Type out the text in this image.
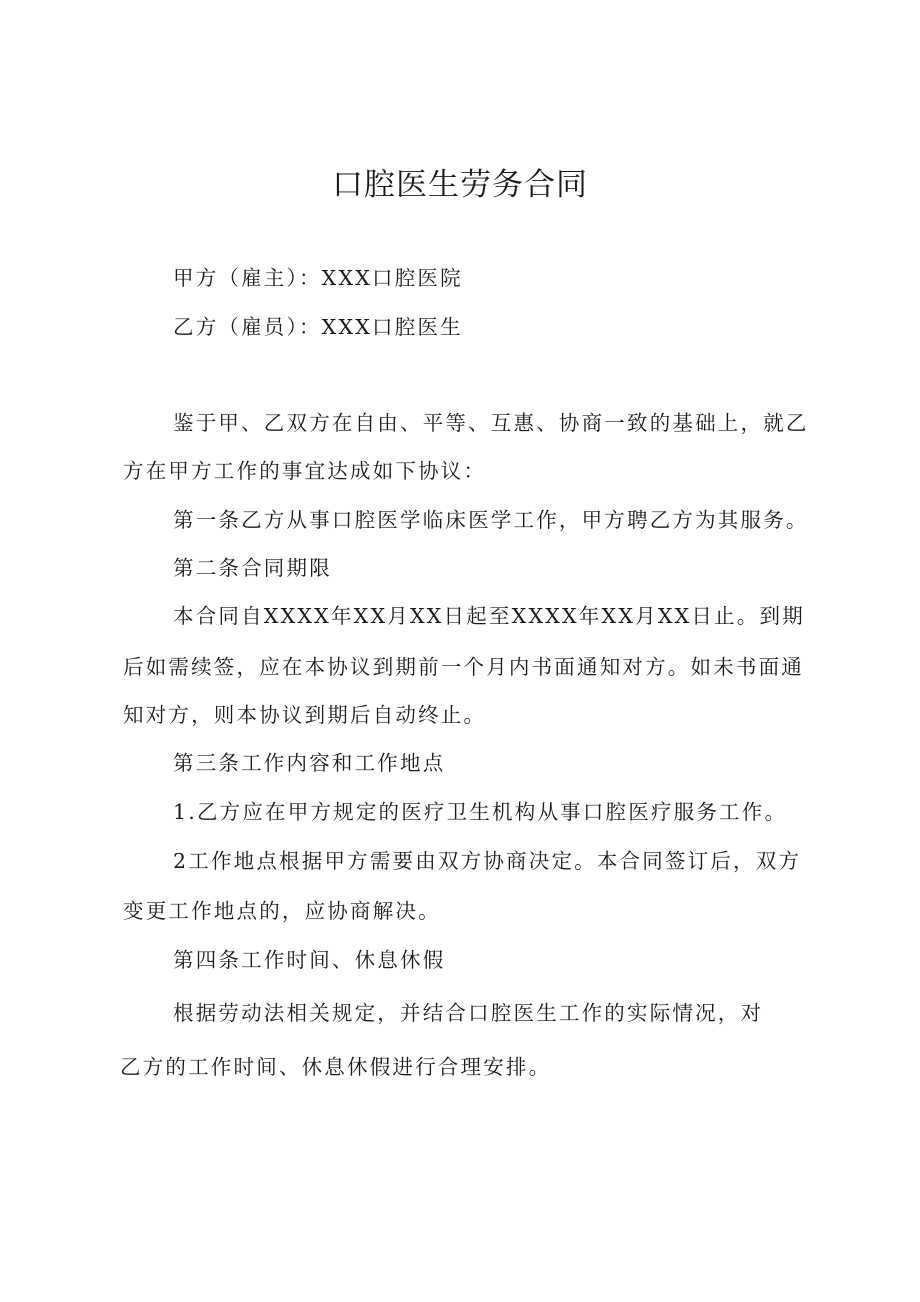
口腔医生劳务合同
甲方（雇主）：XXX口腔医院
乙方（雇员）：XXX口腔医生
鉴于甲、乙双方在自由、平等、互惠、协商一致的基础上，就乙
方在甲方工作的事宜达成如下协议：
第一条乙方从事口腔医学临床医学工作，甲方聘乙方为其服务。
第二条合同期限
本合同自XXXX年XX月XX日起至XXXX年XX月XX日止。到期
后如需续签，应在本协议到期前一个月内书面通知对方。如未书面通
知对方，则本协议到期后自动终止。
第三条工作内容和工作地点
1.乙方应在甲方规定的医疗卫生机构从事口腔医疗服务工作。
2工作地点根据甲方需要由双方协商决定。本合同签订后，双方
变更工作地点的，应协商解决。
第四条工作时间、休息休假
根据劳动法相关规定，并结合口腔医生工作的实际情况，对
乙方的工作时间、休息休假进行合理安排。
